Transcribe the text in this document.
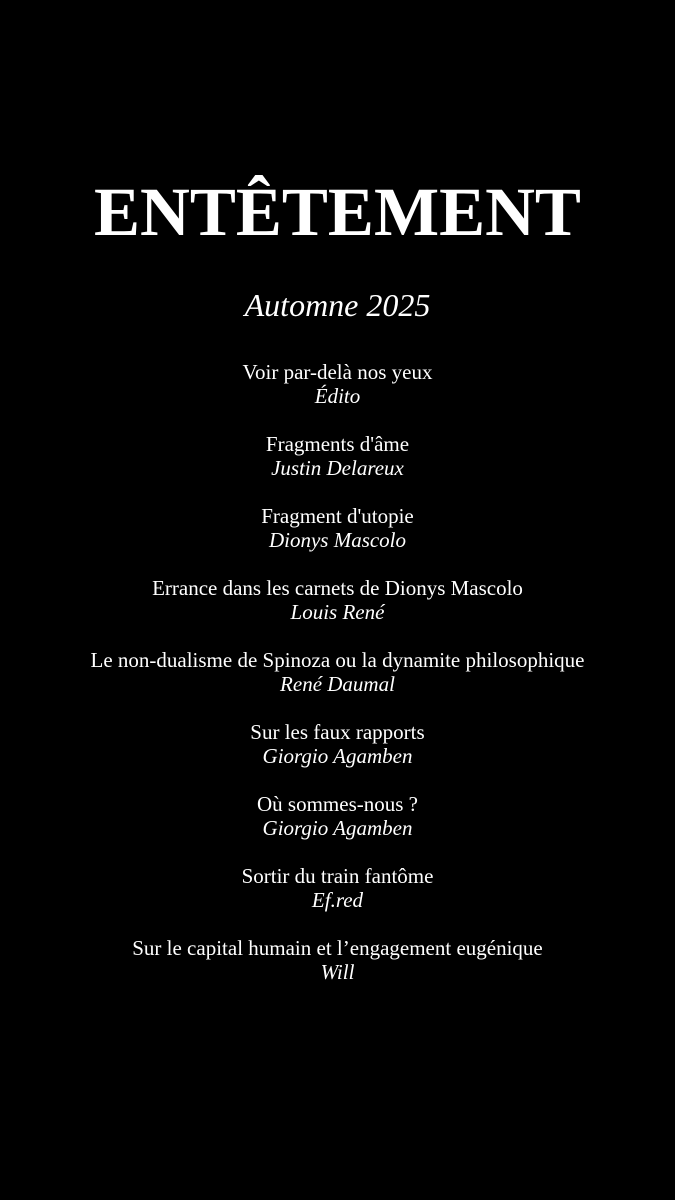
ENTÊTEMENT
Automne 2025
Voir par-delà nos yeux
Édito
Fragments d'âme
Justin Delareux
Fragment d'utopie
Dionys Mascolo
Errance dans les carnets de Dionys Mascolo
Louis René
Le non-dualisme de Spinoza ou la dynamite philosophique
René Daumal
Sur les faux rapports
Giorgio Agamben
Où sommes-nous ?
Giorgio Agamben
Sortir du train fantôme
Ef.red
Sur le capital humain et l’engagement eugénique
Will
